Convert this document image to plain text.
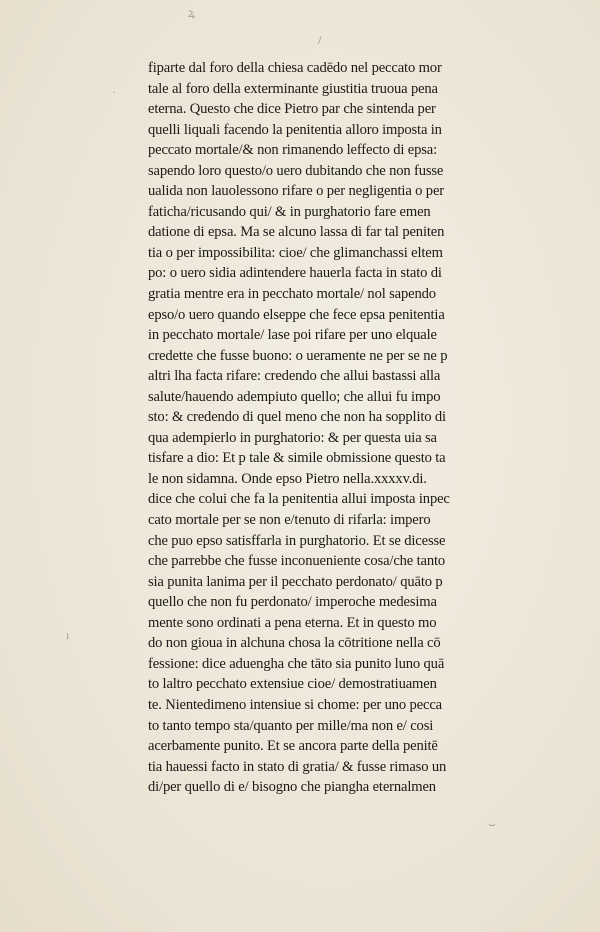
ꝝ
ˎ
ı
⌣
/
fiparte dal foro della chiesa cadēdo nel peccato mor
tale al foro della exterminante giustitia truoua pena
eterna. Questo che dice Pietro par che sintenda per
quelli liquali facendo la penitentia alloro imposta in
peccato mortale/& non rimanendo leffecto di epsa:
sapendo loro questo/o uero dubitando che non fusse
ualida non lauolessono rifare o per negligentia o per
faticha/ricusando qui/ & in purghatorio fare emen
datione di epsa. Ma se alcuno lassa di far tal peniten
tia o per impossibilita: cioe/ che glimanchassi eltem
po: o uero sidia adintendere hauerla facta in stato di
gratia mentre era in pecchato mortale/ nol sapendo
epso/o uero quando elseppe che fece epsa penitentia
in pecchato mortale/ lase poi rifare per uno elquale
credette che fusse buono: o ueramente ne per se ne p
altri lha facta rifare: credendo che allui bastassi alla
salute/hauendo adempiuto quello; che allui fu impo
sto: & credendo di quel meno che non ha sopplito di
qua adempierlo in purghatorio: & per questa uia sa
tisfare a dio: Et p tale & simile obmissione questo ta
le non sidamna. Onde epso Pietro nella.xxxxv.di.
dice che colui che fa la penitentia allui imposta inpec
cato mortale per se non e/tenuto di rifarla: impero
che puo epso satisffarla in purghatorio. Et se dicesse
che parrebbe che fusse inconueniente cosa/che tanto
sia punita lanima per il pecchato perdonato/ quāto p
quello che non fu perdonato/ imperoche medesima
mente sono ordinati a pena eterna. Et in questo mo
do non gioua in alchuna chosa la cōtritione nella cō
fessione: dice aduengha che tāto sia punito luno quā
to laltro pecchato extensiue cioe/ demostratiuamen
te. Nientedimeno intensiue si chome: per uno pecca
to tanto tempo sta/quanto per mille/ma non e/ cosi
acerbamente punito. Et se ancora parte della penitē
tia hauessi facto in stato di gratia/ & fusse rimaso un
di/per quello di e/ bisogno che piangha eternalmen
